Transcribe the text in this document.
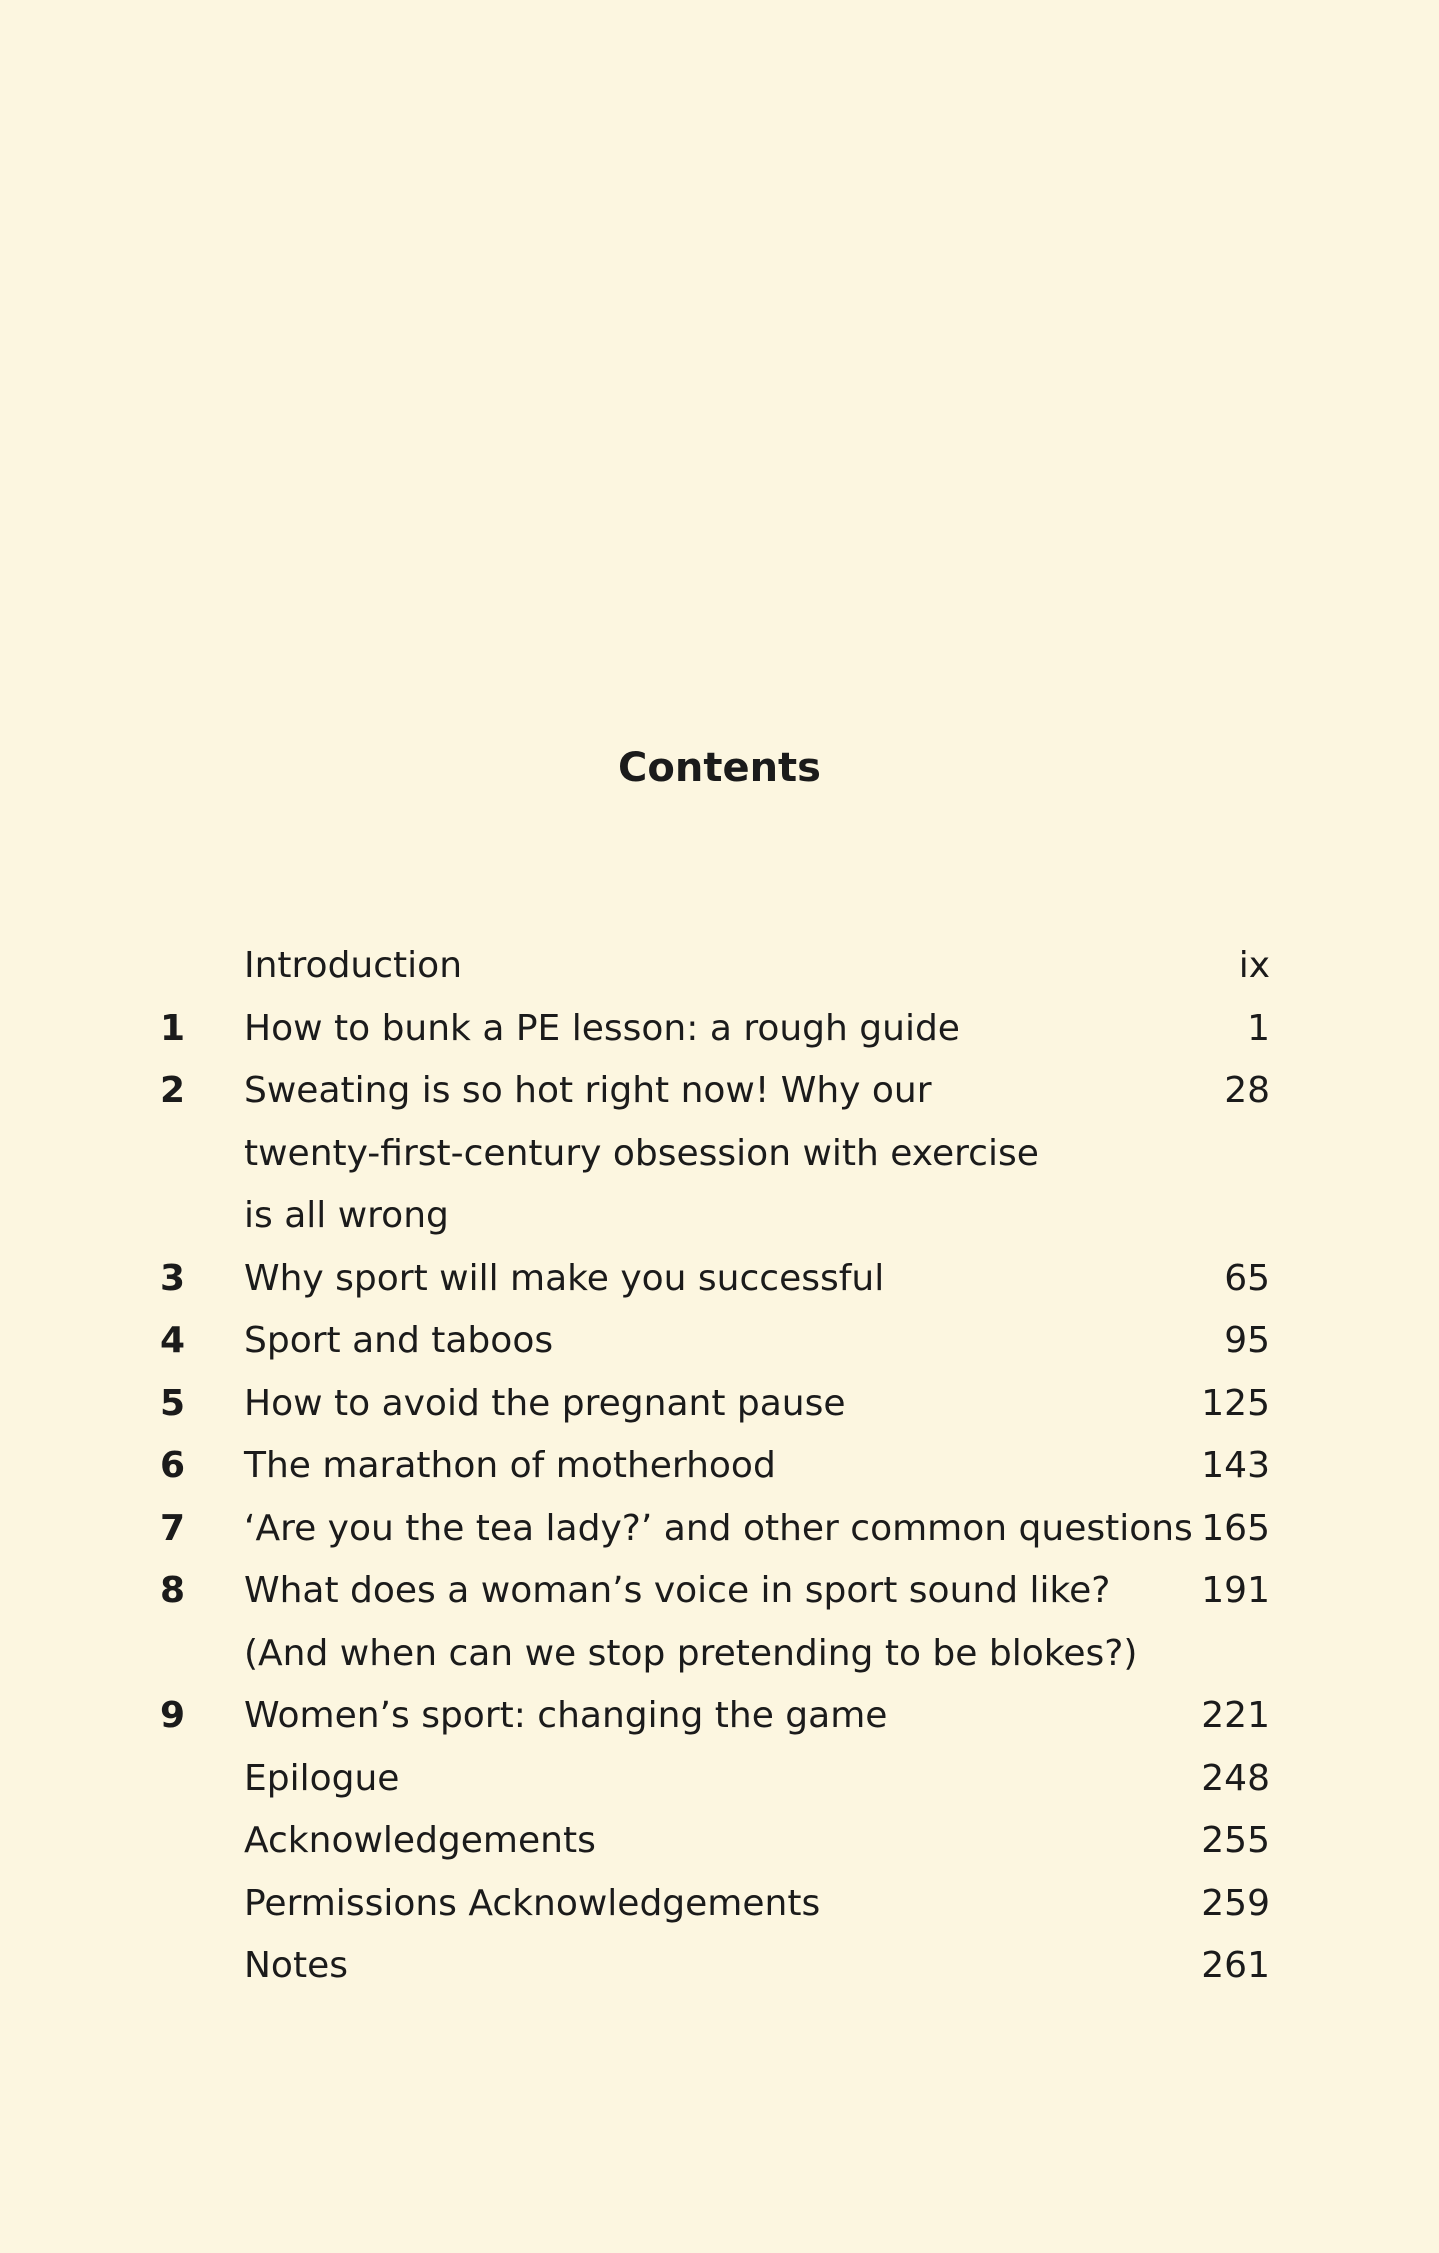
Contents
Introduction	ix
1	How to bunk a PE lesson: a rough guide	1
2	Sweating is so hot right now! Why our
twenty-first-century obsession with exercise
is all wrong
28
3	Why sport will make you successful	65
4	Sport and taboos	95
5	How to avoid the pregnant pause	125
6	The marathon of motherhood	143
7	‘Are you the tea lady?’ and other common questions 165
8	What does a woman’s voice in sport sound like?
(And when can we stop pretending to be blokes?)
191
9	Women’s sport: changing the game	221
Epilogue	248
Acknowledgements	255
Permissions Acknowledgements	259
Notes	261
